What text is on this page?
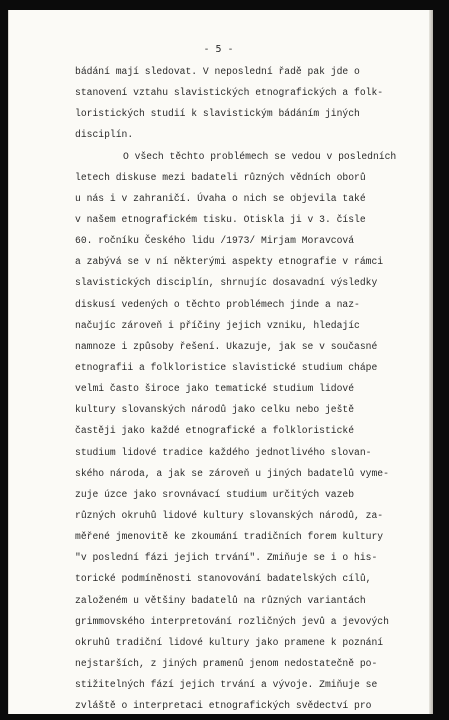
- 5 -

bádání mají sledovat. V neposlední řadě pak jde o
stanovení vztahu slavistických etnografických a folk-
loristických studií k slavistickým bádáním jiných
disciplín.
O všech těchto problémech se vedou v posledních
letech diskuse mezi badateli různých vědních oborů
u nás i v zahraničí. Úvaha o nich se objevila také
v našem etnografickém tisku. Otiskla ji v 3. čísle
60. ročníku Českého lidu /1973/ Mirjam Moravcová
a zabývá se v ní některými aspekty etnografie v rámci
slavistických disciplín, shrnujíc dosavadní výsledky
diskusí vedených o těchto problémech jinde a naz-
načujíc zároveň i příčiny jejich vzniku, hledajíc
namnoze i způsoby řešení. Ukazuje, jak se v současné
etnografii a folkloristice slavistické studium chápe
velmi často široce jako tematické studium lidové
kultury slovanských národů jako celku nebo ještě
častěji jako každé etnografické a folkloristické
studium lidové tradice každého jednotlivého slovan-
ského národa, a jak se zároveň u jiných badatelů vyme-
zuje úzce jako srovnávací studium určitých vazeb
různých okruhů lidové kultury slovanských národů, za-
měřené jmenovitě ke zkoumání tradičních forem kultury
"v poslední fázi jejich trvání". Zmiňuje se i o his-
torické podmíněnosti stanovování badatelských cílů,
založeném u většiny badatelů na různých variantách
grimmovského interpretování rozličných jevů a jevových
okruhů tradiční lidové kultury jako pramene k poznání
nejstarších, z jiných pramenů jenom nedostatečně po-
stižitelných fází jejich trvání a vývoje. Zmiňuje se
zvláště o interpretaci etnografických svědectví pro
